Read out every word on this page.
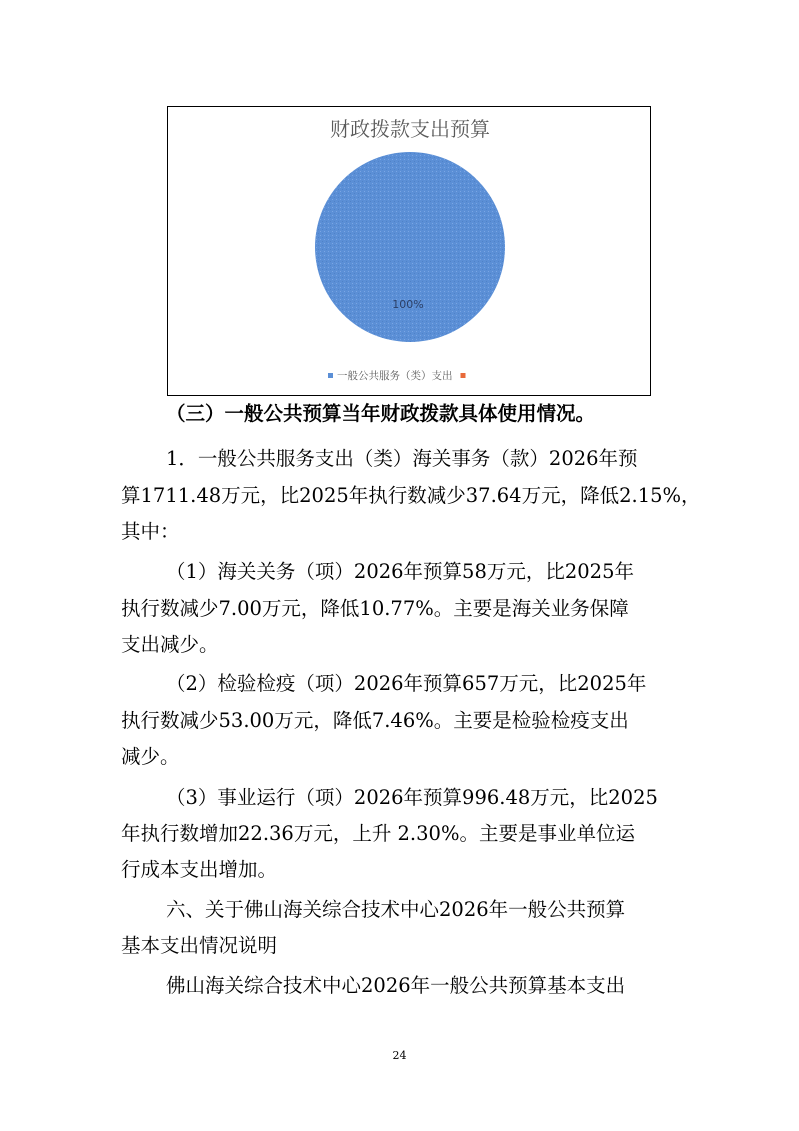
财政拨款支出预算
100%
一般公共服务（类）支出
（三）一般公共预算当年财政拨款具体使用情况。
1．一般公共服务支出（类）海关事务（款）2026年预
算1711.48万元，比2025年执行数减少37.64万元，降低2.15%，
其中：
（1）海关关务（项）2026年预算58万元，比2025年
执行数减少7.00万元，降低10.77%。主要是海关业务保障
支出减少。
（2）检验检疫（项）2026年预算657万元，比2025年
执行数减少53.00万元，降低7.46%。主要是检验检疫支出
减少。
（3）事业运行（项）2026年预算996.48万元，比2025
年执行数增加22.36万元，上升 2.30%。主要是事业单位运
行成本支出增加。
六、关于佛山海关综合技术中心2026年一般公共预算
基本支出情况说明
佛山海关综合技术中心2026年一般公共预算基本支出
24
